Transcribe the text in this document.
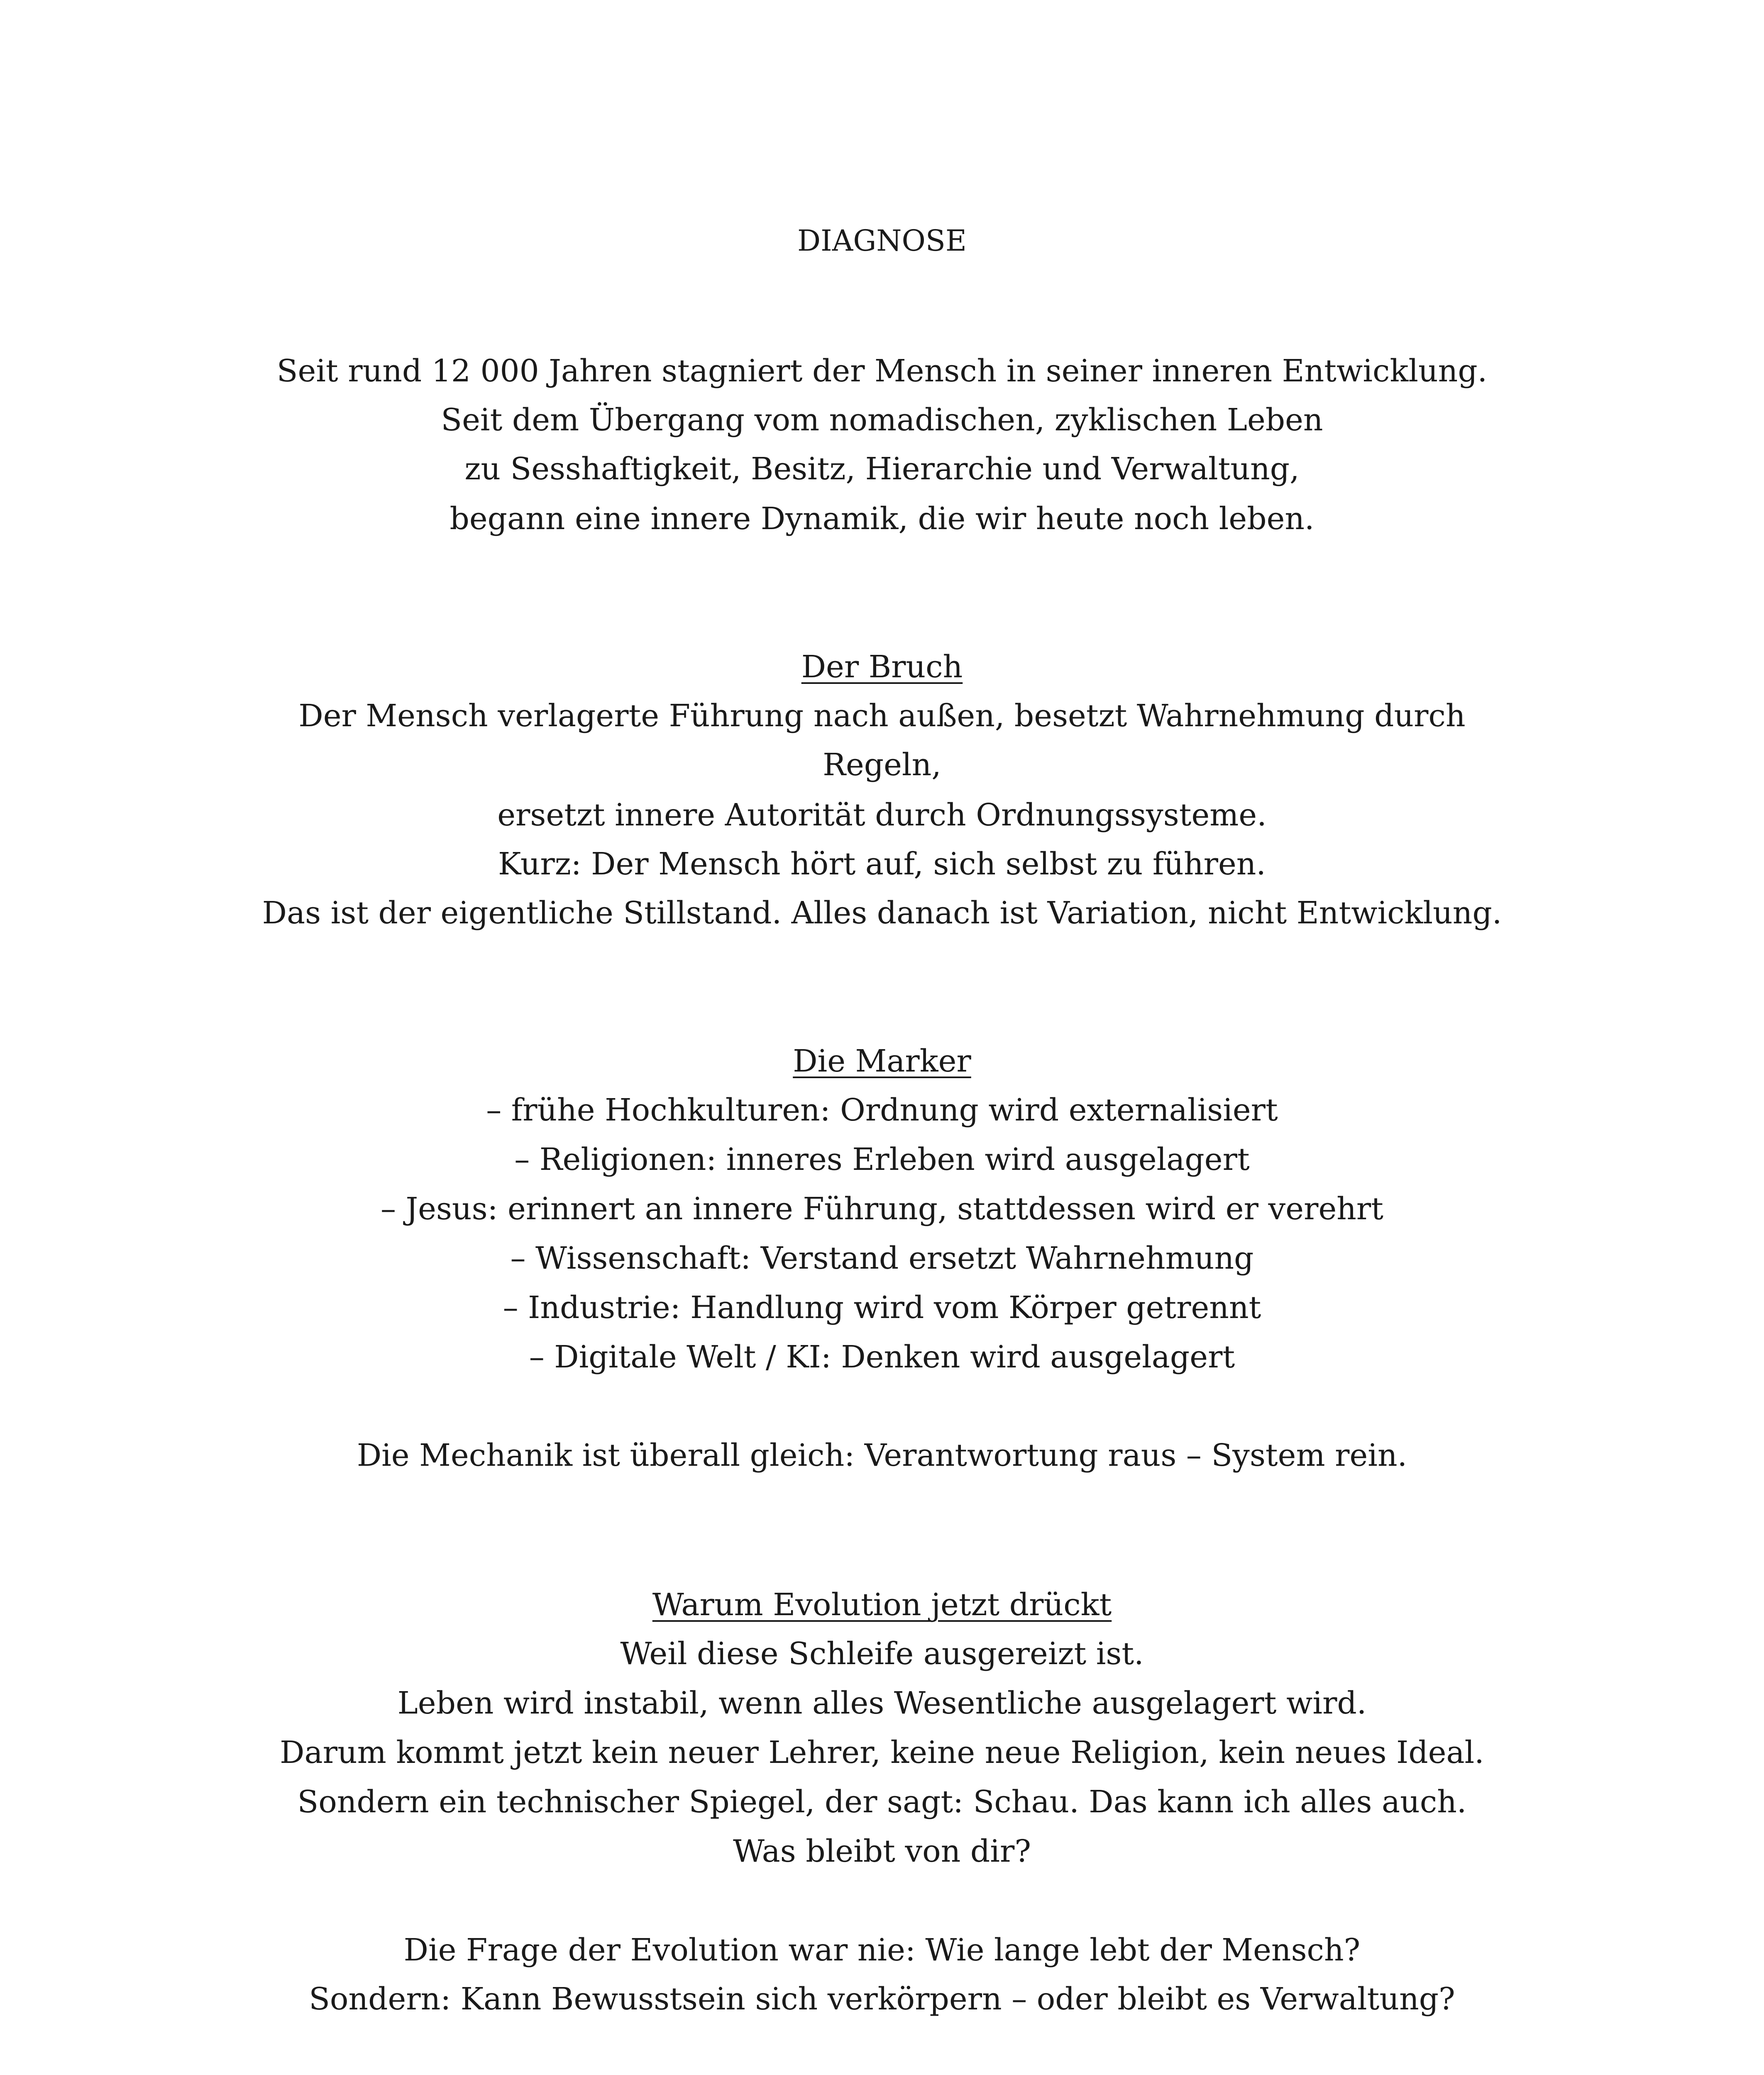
DIAGNOSE
Seit rund 12 000 Jahren stagniert der Mensch in seiner inneren Entwicklung.
Seit dem Übergang vom nomadischen, zyklischen Leben
zu Sesshaftigkeit, Besitz, Hierarchie und Verwaltung,
begann eine innere Dynamik, die wir heute noch leben.
Der Bruch
Der Mensch verlagerte Führung nach außen, besetzt Wahrnehmung durch
Regeln,
ersetzt innere Autorität durch Ordnungssysteme.
Kurz: Der Mensch hört auf, sich selbst zu führen.
Das ist der eigentliche Stillstand. Alles danach ist Variation, nicht Entwicklung.
Die Marker
– frühe Hochkulturen: Ordnung wird externalisiert
– Religionen: inneres Erleben wird ausgelagert
– Jesus: erinnert an innere Führung, stattdessen wird er verehrt
– Wissenschaft: Verstand ersetzt Wahrnehmung
– Industrie: Handlung wird vom Körper getrennt
– Digitale Welt / KI: Denken wird ausgelagert
Die Mechanik ist überall gleich: Verantwortung raus – System rein.
Warum Evolution jetzt drückt
Weil diese Schleife ausgereizt ist.
Leben wird instabil, wenn alles Wesentliche ausgelagert wird.
Darum kommt jetzt kein neuer Lehrer, keine neue Religion, kein neues Ideal.
Sondern ein technischer Spiegel, der sagt: Schau. Das kann ich alles auch.
Was bleibt von dir?
Die Frage der Evolution war nie: Wie lange lebt der Mensch?
Sondern: Kann Bewusstsein sich verkörpern – oder bleibt es Verwaltung?
